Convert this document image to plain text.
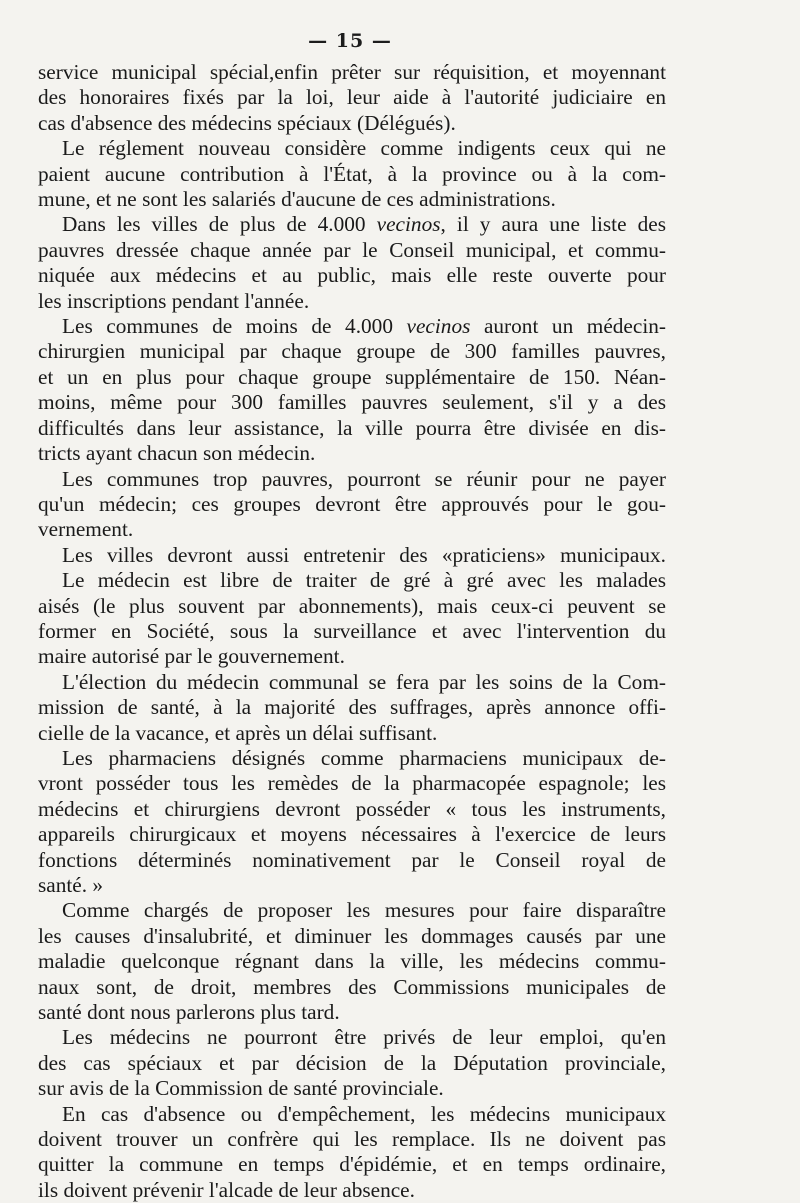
— 15 —
service municipal spécial,enfin prêter sur réquisition, et moyennant
des honoraires fixés par la loi, leur aide à l'autorité judiciaire en
cas d'absence des médecins spéciaux (Délégués).
Le réglement nouveau considère comme indigents ceux qui ne
paient aucune contribution à l'État, à la province ou à la com-
mune, et ne sont les salariés d'aucune de ces administrations.
Dans les villes de plus de 4.000 vecinos, il y aura une liste des
pauvres dressée chaque année par le Conseil municipal, et commu-
niquée aux médecins et au public, mais elle reste ouverte pour
les inscriptions pendant l'année.
Les communes de moins de 4.000 vecinos auront un médecin-
chirurgien municipal par chaque groupe de 300 familles pauvres,
et un en plus pour chaque groupe supplémentaire de 150. Néan-
moins, même pour 300 familles pauvres seulement, s'il y a des
difficultés dans leur assistance, la ville pourra être divisée en dis-
tricts ayant chacun son médecin.
Les communes trop pauvres, pourront se réunir pour ne payer
qu'un médecin; ces groupes devront être approuvés pour le gou-
vernement.
Les villes devront aussi entretenir des «praticiens» municipaux.
Le médecin est libre de traiter de gré à gré avec les malades
aisés (le plus souvent par abonnements), mais ceux-ci peuvent se
former en Société, sous la surveillance et avec l'intervention du
maire autorisé par le gouvernement.
L'élection du médecin communal se fera par les soins de la Com-
mission de santé, à la majorité des suffrages, après annonce offi-
cielle de la vacance, et après un délai suffisant.
Les pharmaciens désignés comme pharmaciens municipaux de-
vront posséder tous les remèdes de la pharmacopée espagnole; les
médecins et chirurgiens devront posséder « tous les instruments,
appareils chirurgicaux et moyens nécessaires à l'exercice de leurs
fonctions déterminés nominativement par le Conseil royal de
santé. »
Comme chargés de proposer les mesures pour faire disparaître
les causes d'insalubrité, et diminuer les dommages causés par une
maladie quelconque régnant dans la ville, les médecins commu-
naux sont, de droit, membres des Commissions municipales de
santé dont nous parlerons plus tard.
Les médecins ne pourront être privés de leur emploi, qu'en
des cas spéciaux et par décision de la Députation provinciale,
sur avis de la Commission de santé provinciale.
En cas d'absence ou d'empêchement, les médecins municipaux
doivent trouver un confrère qui les remplace. Ils ne doivent pas
quitter la commune en temps d'épidémie, et en temps ordinaire,
ils doivent prévenir l'alcade de leur absence.
